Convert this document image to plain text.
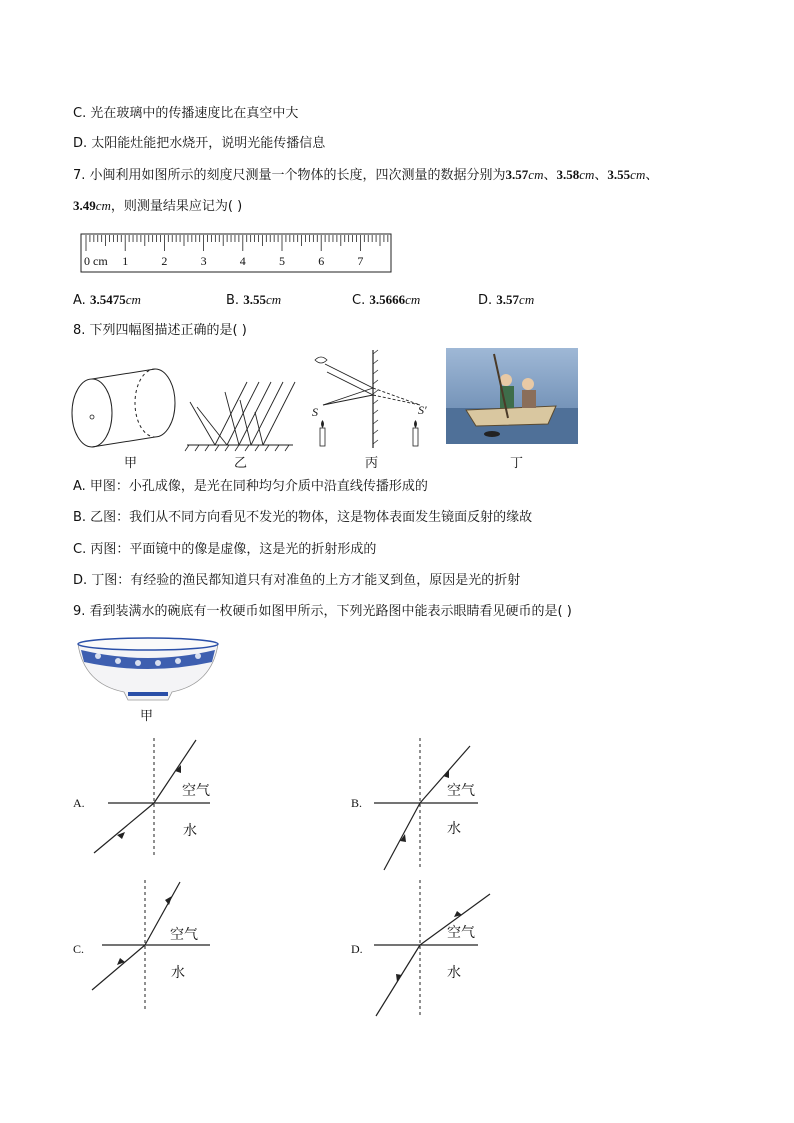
C. 光在玻璃中的传播速度比在真空中大
D. 太阳能灶能把水烧开，说明光能传播信息
7. 小闽利用如图所示的刻度尺测量一个物体的长度，四次测量的数据分别为3.57cm、3.58cm、3.55cm、
3.49cm，则测量结果应记为( )
0 cm 1	2	3	4	5	6	7
A. 3.5475cm	B. 3.55cm	C. 3.5666cm	D. 3.57cm
8. 下列四幅图描述正确的是( )
S	S′
甲	乙	丙	丁
A. 甲图：小孔成像，是光在同种均匀介质中沿直线传播形成的
B. 乙图：我们从不同方向看见不发光的物体，这是物体表面发生镜面反射的缘故
C. 丙图：平面镜中的像是虚像，这是光的折射形成的
D. 丁图：有经验的渔民都知道只有对准鱼的上方才能叉到鱼，原因是光的折射
9. 看到装满水的碗底有一枚硬币如图甲所示，下列光路图中能表示眼睛看见硬币的是( )
甲
A.
空气
水
B.
空气
水
C.
空气
水
D.
空气
水
